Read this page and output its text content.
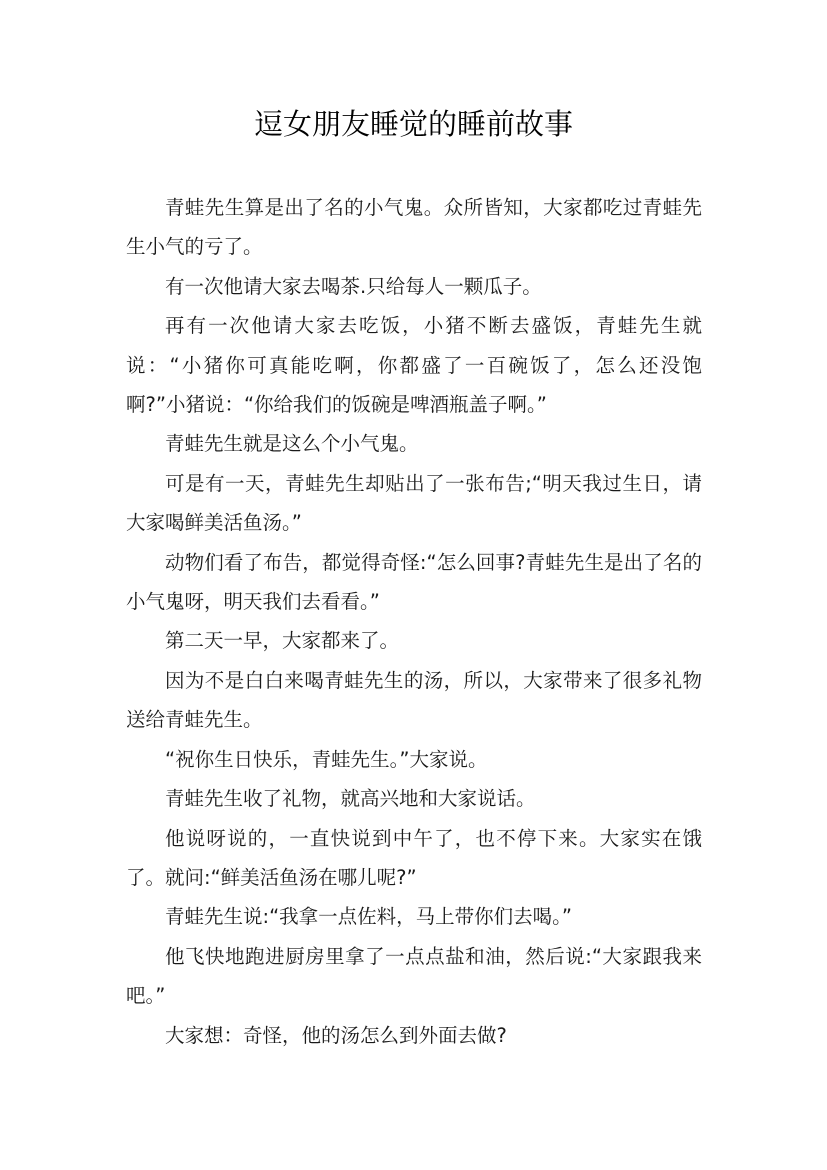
逗女朋友睡觉的睡前故事

青蛙先生算是出了名的小气鬼。众所皆知，大家都吃过青蛙先生小气的亏了。

有一次他请大家去喝茶.只给每人一颗瓜子。

再有一次他请大家去吃饭，小猪不断去盛饭，青蛙先生就说：“小猪你可真能吃啊，你都盛了一百碗饭了，怎么还没饱啊?”小猪说：“你给我们的饭碗是啤酒瓶盖子啊。”

青蛙先生就是这么个小气鬼。

可是有一天，青蛙先生却贴出了一张布告;“明天我过生日，请大家喝鲜美活鱼汤。”

动物们看了布告，都觉得奇怪:“怎么回事?青蛙先生是出了名的小气鬼呀，明天我们去看看。”

第二天一早，大家都来了。

因为不是白白来喝青蛙先生的汤，所以，大家带来了很多礼物送给青蛙先生。

“祝你生日快乐，青蛙先生。”大家说。

青蛙先生收了礼物，就高兴地和大家说话。

他说呀说的，一直快说到中午了，也不停下来。大家实在饿了。就问:“鲜美活鱼汤在哪儿呢?”

青蛙先生说:“我拿一点佐料，马上带你们去喝。”

他飞快地跑进厨房里拿了一点点盐和油，然后说:“大家跟我来吧。”

大家想：奇怪，他的汤怎么到外面去做?
